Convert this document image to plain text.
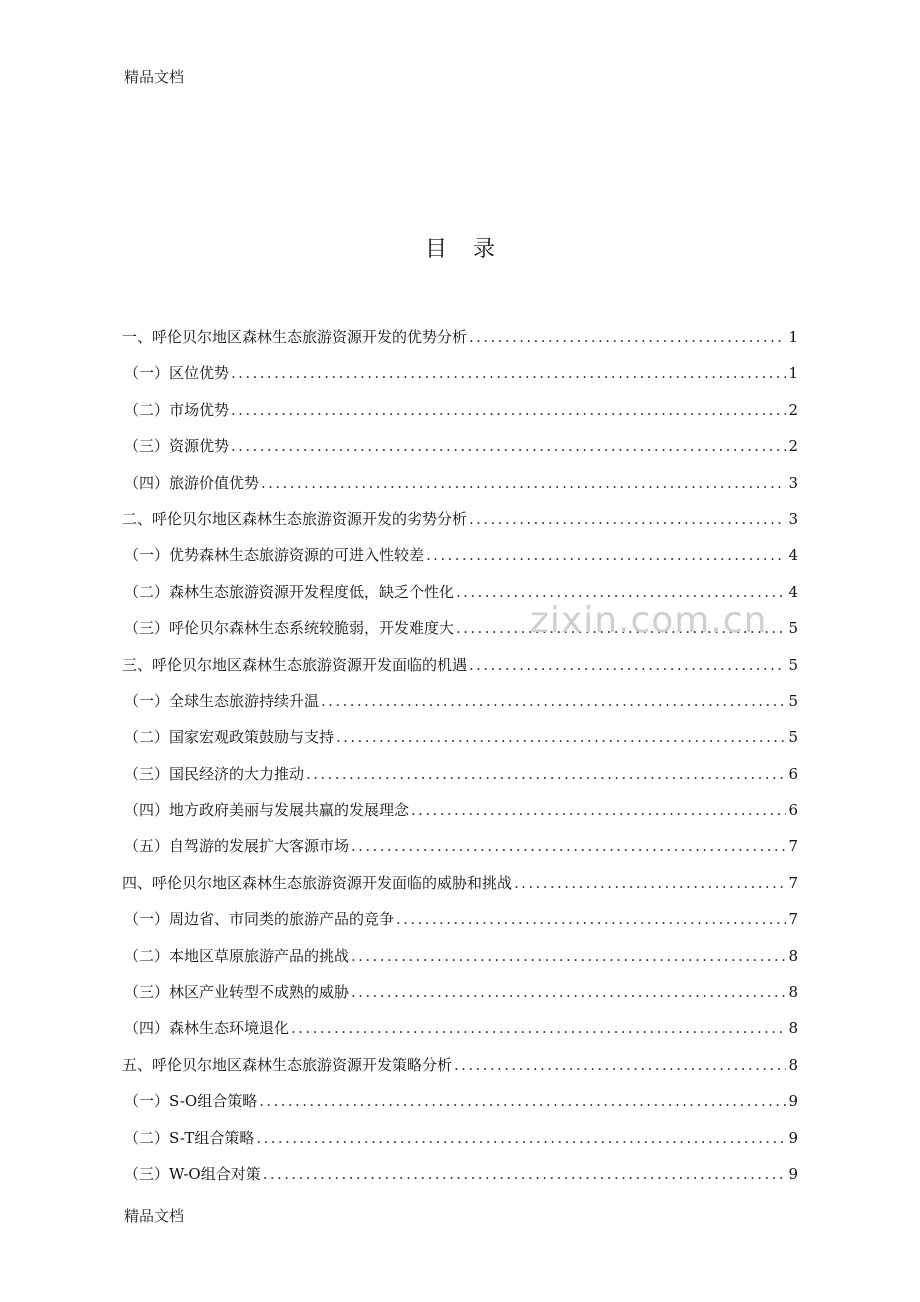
精品文档
目录
一、呼伦贝尔地区森林生态旅游资源开发的优势分析 .....	1
（一）区位优势 .....	1
（二）市场优势 .....	2
（三）资源优势 .....	2
（四）旅游价值优势 .....	3
二、呼伦贝尔地区森林生态旅游资源开发的劣势分析 .....	3
（一）优势森林生态旅游资源的可进入性较差 .....	4
（二）森林生态旅游资源开发程度低，缺乏个性化 .....	4
（三）呼伦贝尔森林生态系统较脆弱，开发难度大 .....	5
三、呼伦贝尔地区森林生态旅游资源开发面临的机遇 .....	5
（一）全球生态旅游持续升温 .....	5
（二）国家宏观政策鼓励与支持 .....	5
（三）国民经济的大力推动 .....	6
（四）地方政府美丽与发展共赢的发展理念 .....	6
（五）自驾游的发展扩大客源市场 .....	7
四、呼伦贝尔地区森林生态旅游资源开发面临的威胁和挑战 .....	7
（一）周边省、市同类的旅游产品的竞争 .....	7
（二）本地区草原旅游产品的挑战 .....	8
（三）林区产业转型不成熟的威胁 .....	8
（四）森林生态环境退化 .....	8
五、呼伦贝尔地区森林生态旅游资源开发策略分析 .....	8
（一）S-O组合策略 .....	9
（二）S-T组合策略 .....	9
（三）W-O组合对策 .....	9
zixin.com.cn
精品文档
